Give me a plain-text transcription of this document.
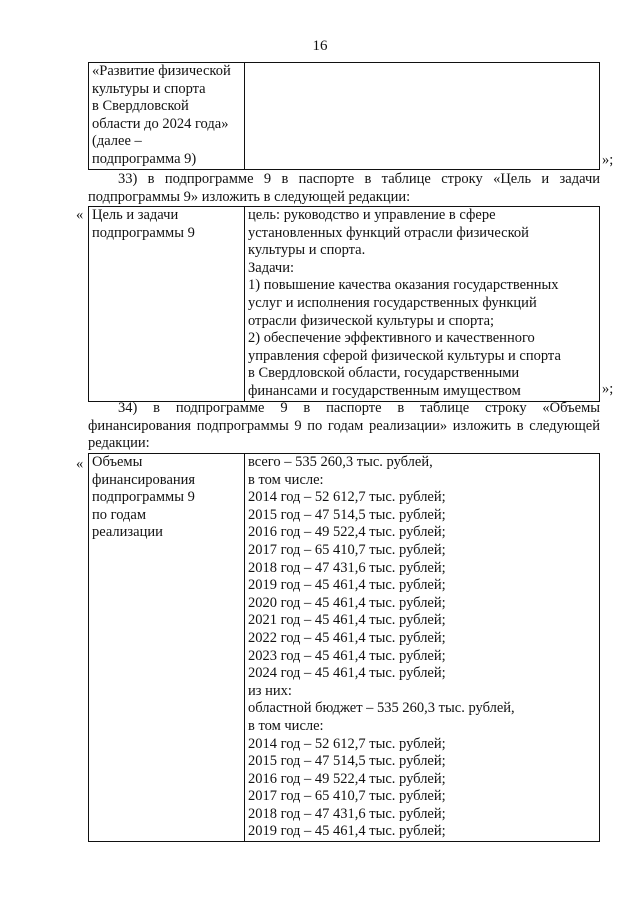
16
«Развитие физической
культуры и спорта
в Свердловской
области до 2024 года»
(далее –
подпрограмма 9)
		»;
33) в подпрограмме 9 в паспорте в таблице строку «Цель и задачи
подпрограммы 9» изложить в следующей редакции:
« Цель и задачи
подпрограммы 9

цель: руководство и управление в сфере
установленных функций отрасли физической
культуры и спорта.
Задачи:
1) повышение качества оказания государственных
услуг и исполнения государственных функций
отрасли физической культуры и спорта;
2) обеспечение эффективного и качественного
управления сферой физической культуры и спорта
в Свердловской области, государственными
финансами и государственным имуществом	»;
34) в подпрограмме 9 в паспорте в таблице строку «Объемы
финансирования подпрограммы 9 по годам реализации» изложить в следующей
редакции:
« Объемы
финансирования
подпрограммы 9
по годам
реализации

всего – 535 260,3 тыс. рублей,
в том числе:
2014 год – 52 612,7 тыс. рублей;
2015 год – 47 514,5 тыс. рублей;
2016 год – 49 522,4 тыс. рублей;
2017 год – 65 410,7 тыс. рублей;
2018 год – 47 431,6 тыс. рублей;
2019 год – 45 461,4 тыс. рублей;
2020 год – 45 461,4 тыс. рублей;
2021 год – 45 461,4 тыс. рублей;
2022 год – 45 461,4 тыс. рублей;
2023 год – 45 461,4 тыс. рублей;
2024 год – 45 461,4 тыс. рублей;
из них:
областной бюджет – 535 260,3 тыс. рублей,
в том числе:
2014 год – 52 612,7 тыс. рублей;
2015 год – 47 514,5 тыс. рублей;
2016 год – 49 522,4 тыс. рублей;
2017 год – 65 410,7 тыс. рублей;
2018 год – 47 431,6 тыс. рублей;
2019 год – 45 461,4 тыс. рублей;
